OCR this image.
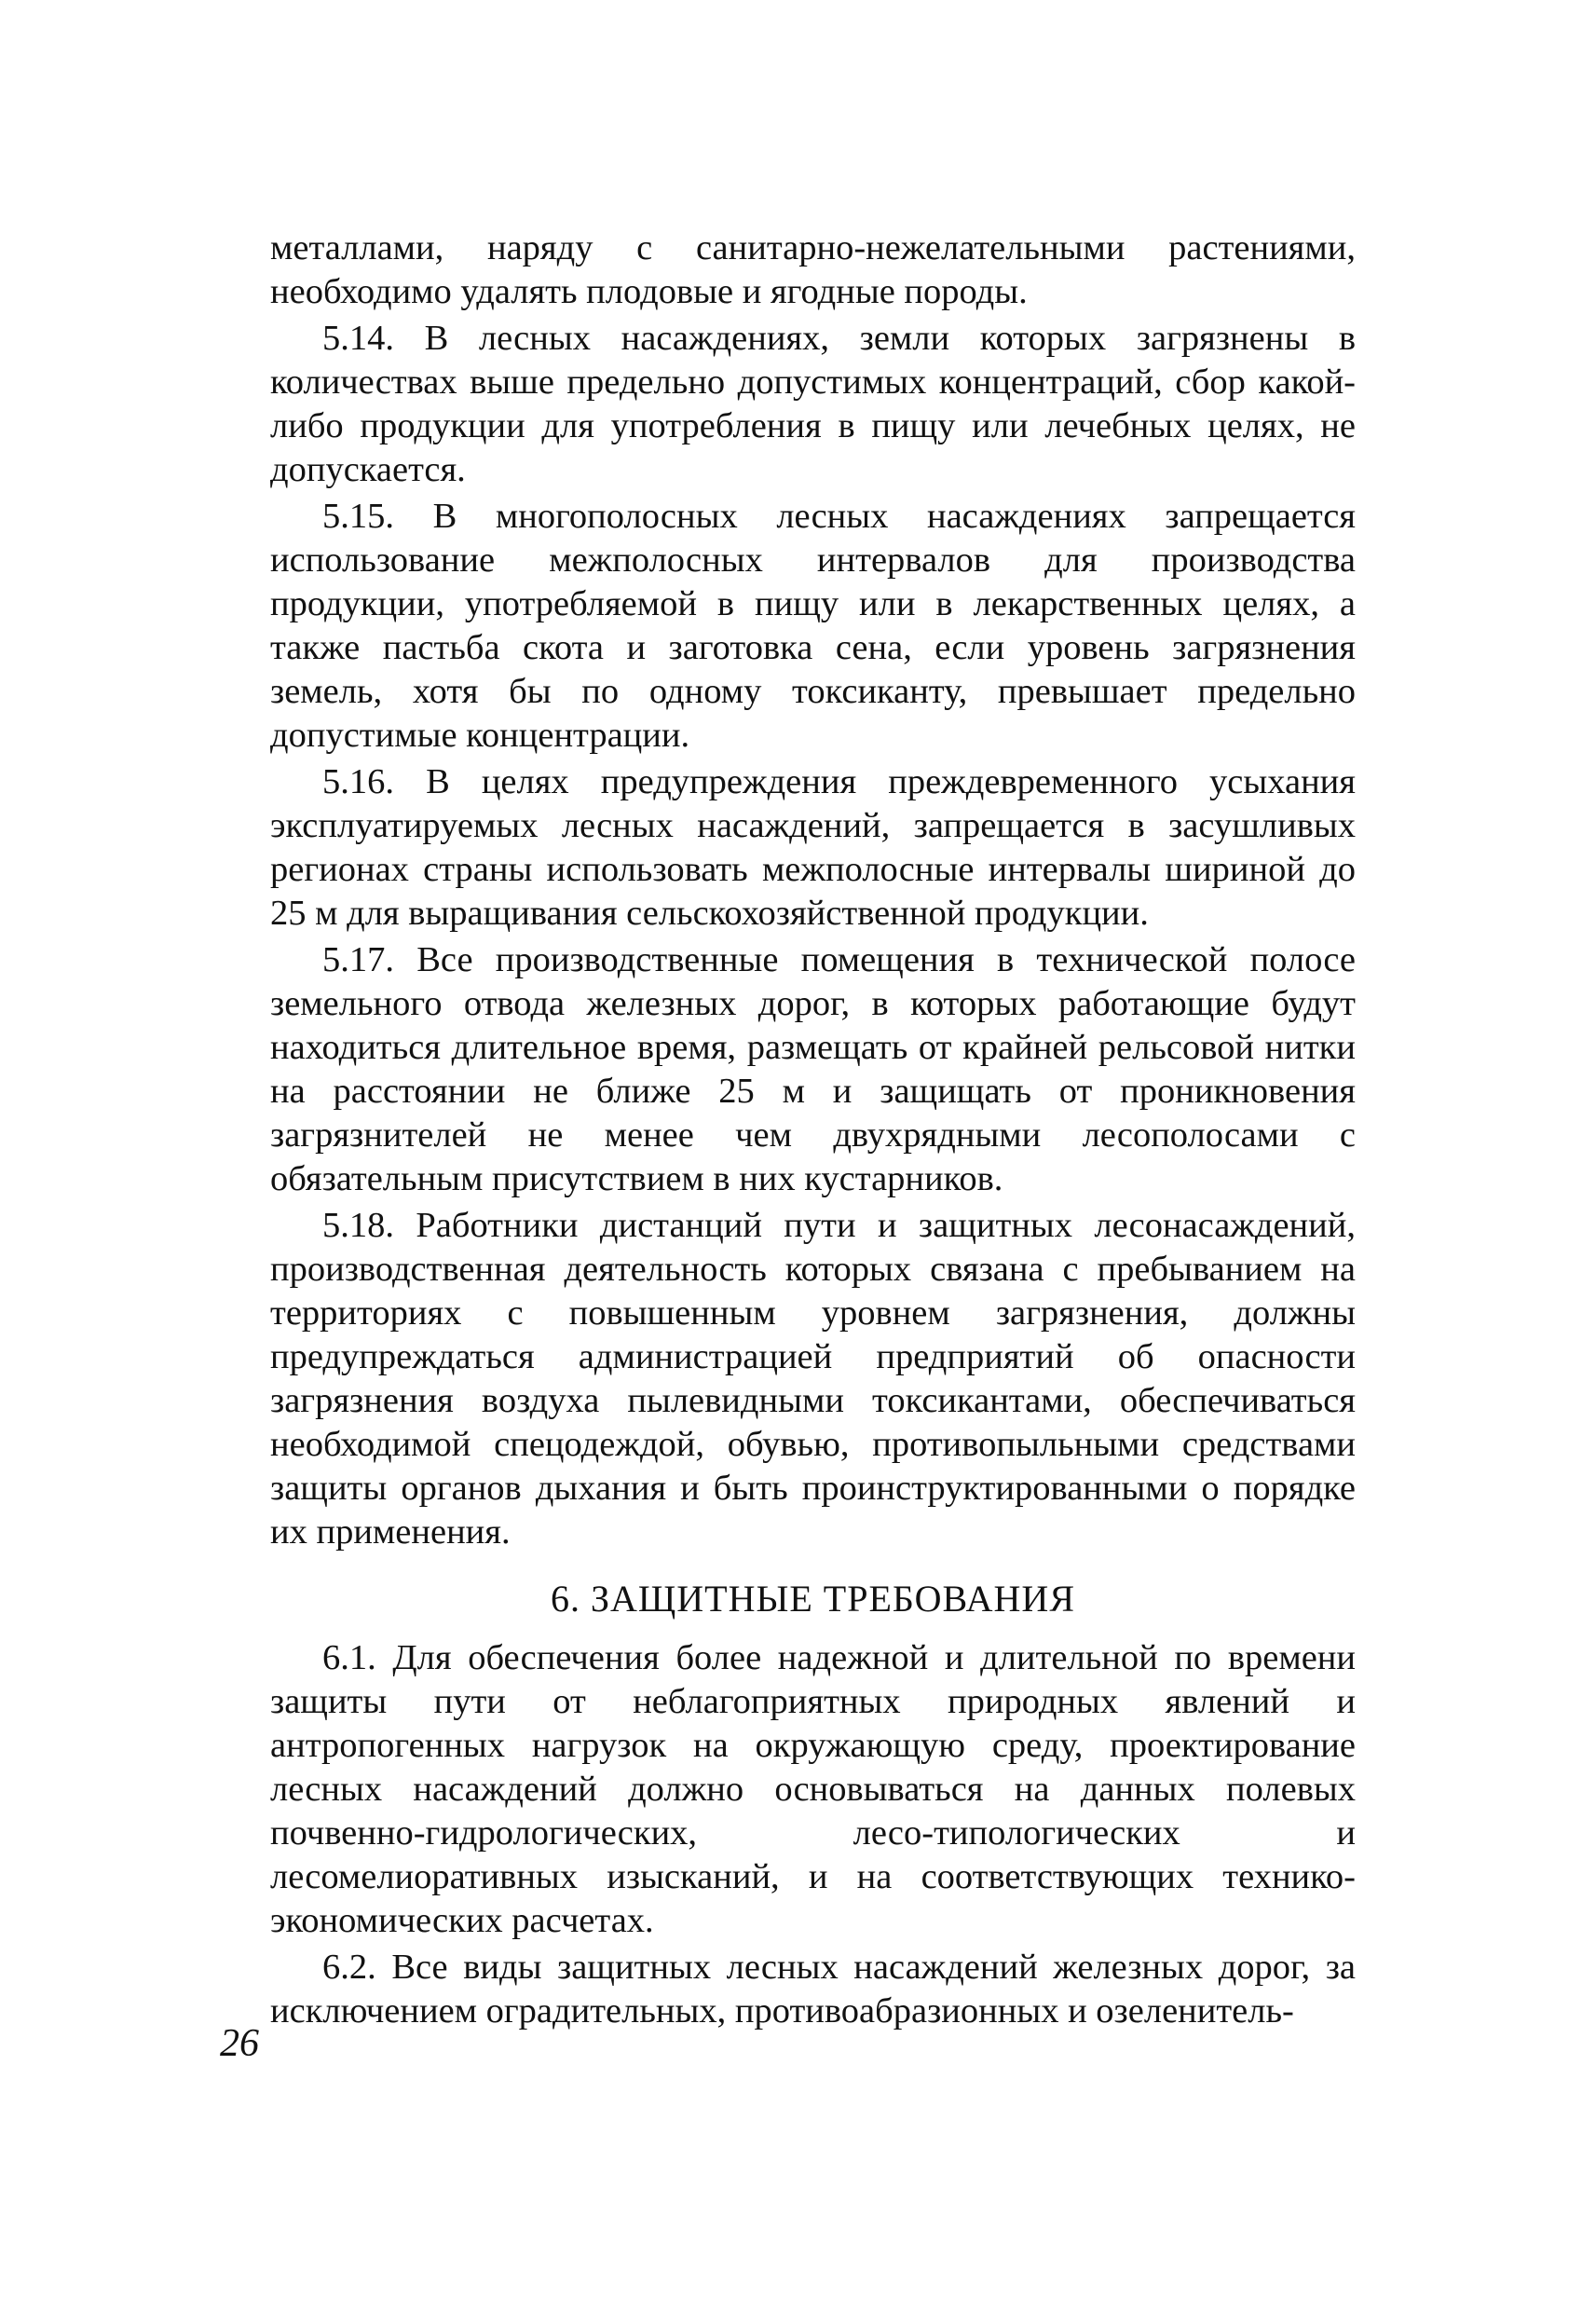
металлами, наряду с санитарно-нежелательными растениями, необходимо удалять плодовые и ягодные породы.

5.14. В лесных насаждениях, земли которых загрязнены в количествах выше предельно допустимых концентраций, сбор какой-либо продукции для употребления в пищу или лечебных целях, не допускается.

5.15. В многополосных лесных насаждениях запрещается использование межполосных интервалов для производства продукции, употребляемой в пищу или в лекарственных целях, а также пастьба скота и заготовка сена, если уровень загрязнения земель, хотя бы по одному токсиканту, превышает предельно допустимые концентрации.

5.16. В целях предупреждения преждевременного усыхания эксплуатируемых лесных насаждений, запрещается в засушливых регионах страны использовать межполосные интервалы шириной до 25 м для выращивания сельскохозяйственной продукции.

5.17. Все производственные помещения в технической полосе земельного отвода железных дорог, в которых работающие будут находиться длительное время, размещать от крайней рельсовой нитки на расстоянии не ближе 25 м и защищать от проникновения загрязнителей не менее чем двухрядными лесополосами с обязательным присутствием в них кустарников.

5.18. Работники дистанций пути и защитных лесонасаждений, производственная деятельность которых связана с пребыванием на территориях с повышенным уровнем загрязнения, должны предупреждаться администрацией предприятий об опасности загрязнения воздуха пылевидными токсикантами, обеспечиваться необходимой спецодеждой, обувью, противопыльными средствами защиты органов дыхания и быть проинструктированными о порядке их применения.

6. ЗАЩИТНЫЕ ТРЕБОВАНИЯ

6.1. Для обеспечения более надежной и длительной по времени защиты пути от неблагоприятных природных явлений и антропогенных нагрузок на окружающую среду, проектирование лесных насаждений должно основываться на данных полевых почвенно-гидрологических, лесо-типологических и лесомелиоративных изысканий, и на соответствующих технико-экономических расчетах.

6.2. Все виды защитных лесных насаждений железных дорог, за исключением оградительных, противоабразионных и озеленитель-

26
